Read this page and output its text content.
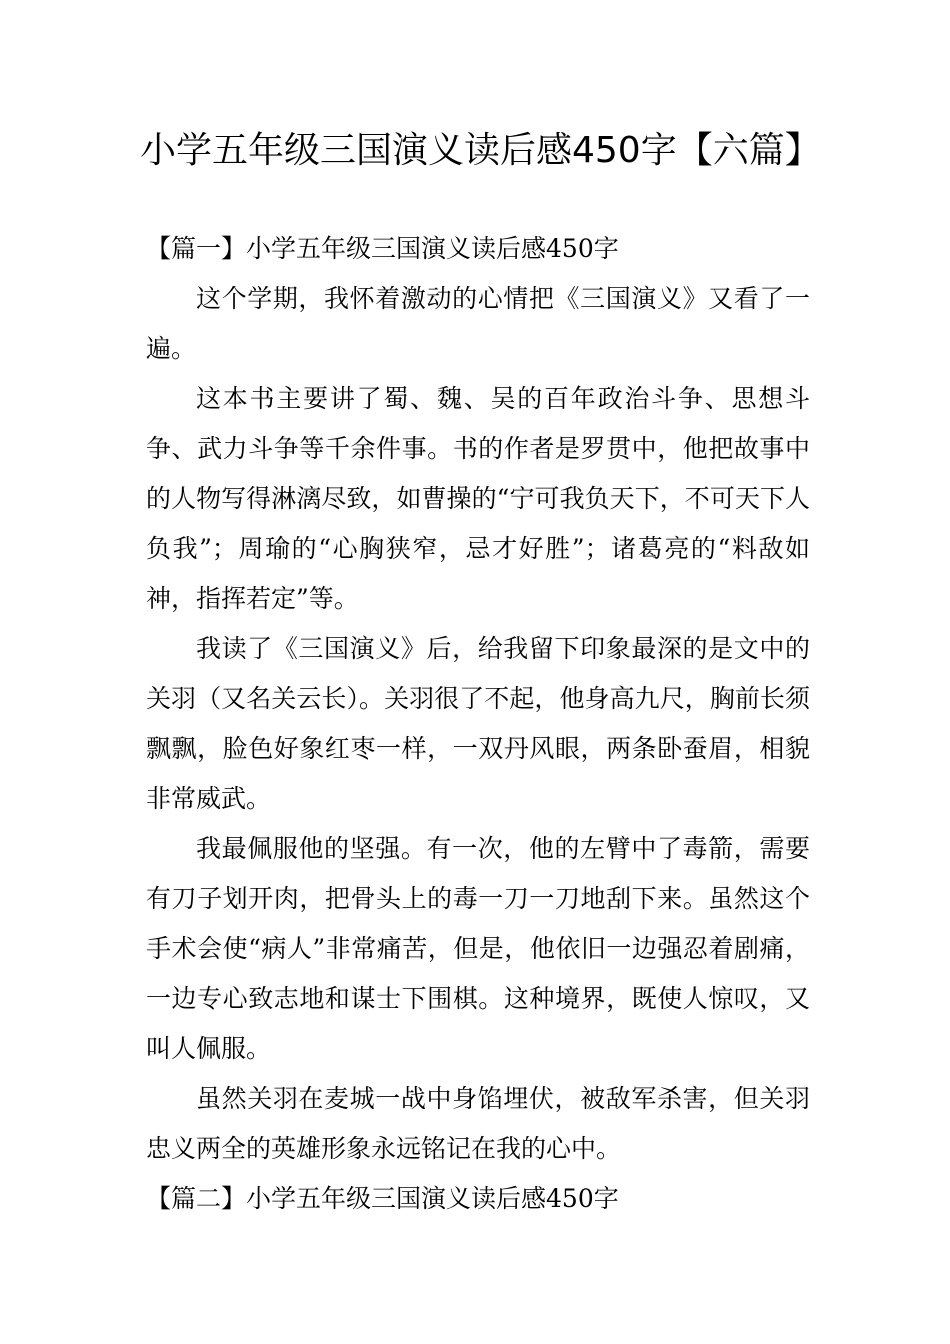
小学五年级三国演义读后感450字【六篇】
【篇一】小学五年级三国演义读后感450字

这个学期，我怀着激动的心情把《三国演义》又看了一遍。

这本书主要讲了蜀、魏、吴的百年政治斗争、思想斗争、武力斗争等千余件事。书的作者是罗贯中，他把故事中的人物写得淋漓尽致，如曹操的“宁可我负天下，不可天下人负我”；周瑜的“心胸狭窄，忌才好胜”；诸葛亮的“料敌如神，指挥若定”等。

我读了《三国演义》后，给我留下印象最深的是文中的关羽（又名关云长）。关羽很了不起，他身高九尺，胸前长须飘飘，脸色好象红枣一样，一双丹风眼，两条卧蚕眉，相貌非常威武。

我最佩服他的坚强。有一次，他的左臂中了毒箭，需要有刀子划开肉，把骨头上的毒一刀一刀地刮下来。虽然这个手术会使“病人”非常痛苦，但是，他依旧一边强忍着剧痛，一边专心致志地和谋士下围棋。这种境界，既使人惊叹，又叫人佩服。

虽然关羽在麦城一战中身馅埋伏，被敌军杀害，但关羽忠义两全的英雄形象永远铭记在我的心中。

【篇二】小学五年级三国演义读后感450字
